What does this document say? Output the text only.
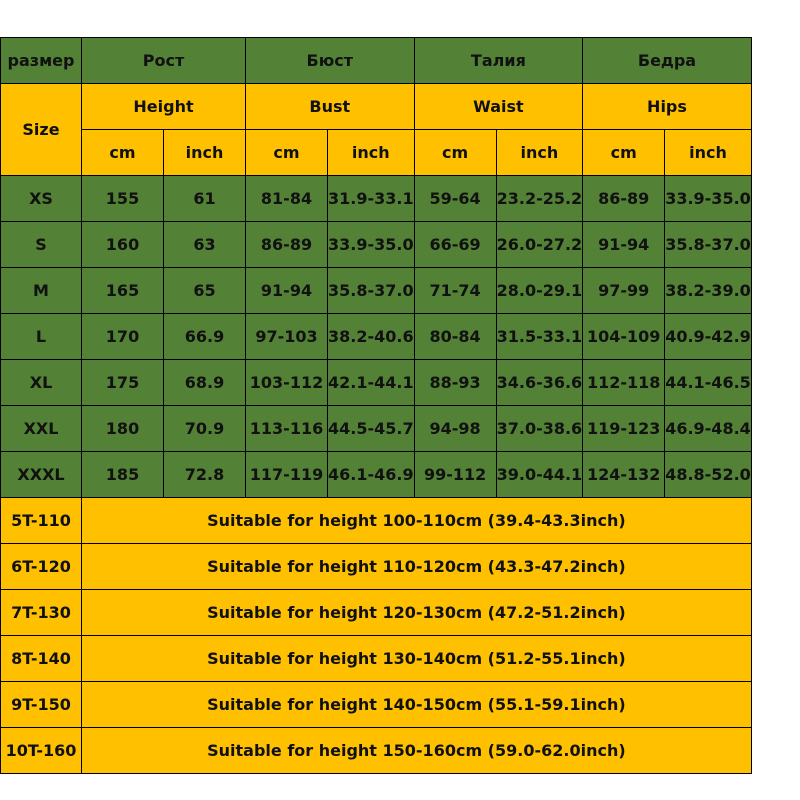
размер	Рост		Бюст		Талия		Бедра	
Size	Height		Bust		Waist		Hips	
	cm	inch	cm	inch	cm	inch	cm	inch
XS	155	61	81-84	31.9-33.1	59-64	23.2-25.2	86-89	33.9-35.0
S	160	63	86-89	33.9-35.0	66-69	26.0-27.2	91-94	35.8-37.0
M	165	65	91-94	35.8-37.0	71-74	28.0-29.1	97-99	38.2-39.0
L	170	66.9	97-103	38.2-40.6	80-84	31.5-33.1	104-109	40.9-42.9
XL	175	68.9	103-112	42.1-44.1	88-93	34.6-36.6	112-118	44.1-46.5
XXL	180	70.9	113-116	44.5-45.7	94-98	37.0-38.6	119-123	46.9-48.4
XXXL	185	72.8	117-119	46.1-46.9	99-112	39.0-44.1	124-132	48.8-52.0
5T-110	Suitable for height 100-110cm (39.4-43.3inch)							
6T-120	Suitable for height 110-120cm (43.3-47.2inch)							
7T-130	Suitable for height 120-130cm (47.2-51.2inch)							
8T-140	Suitable for height 130-140cm (51.2-55.1inch)							
9T-150	Suitable for height 140-150cm (55.1-59.1inch)							
10T-160	Suitable for height 150-160cm (59.0-62.0inch)							
